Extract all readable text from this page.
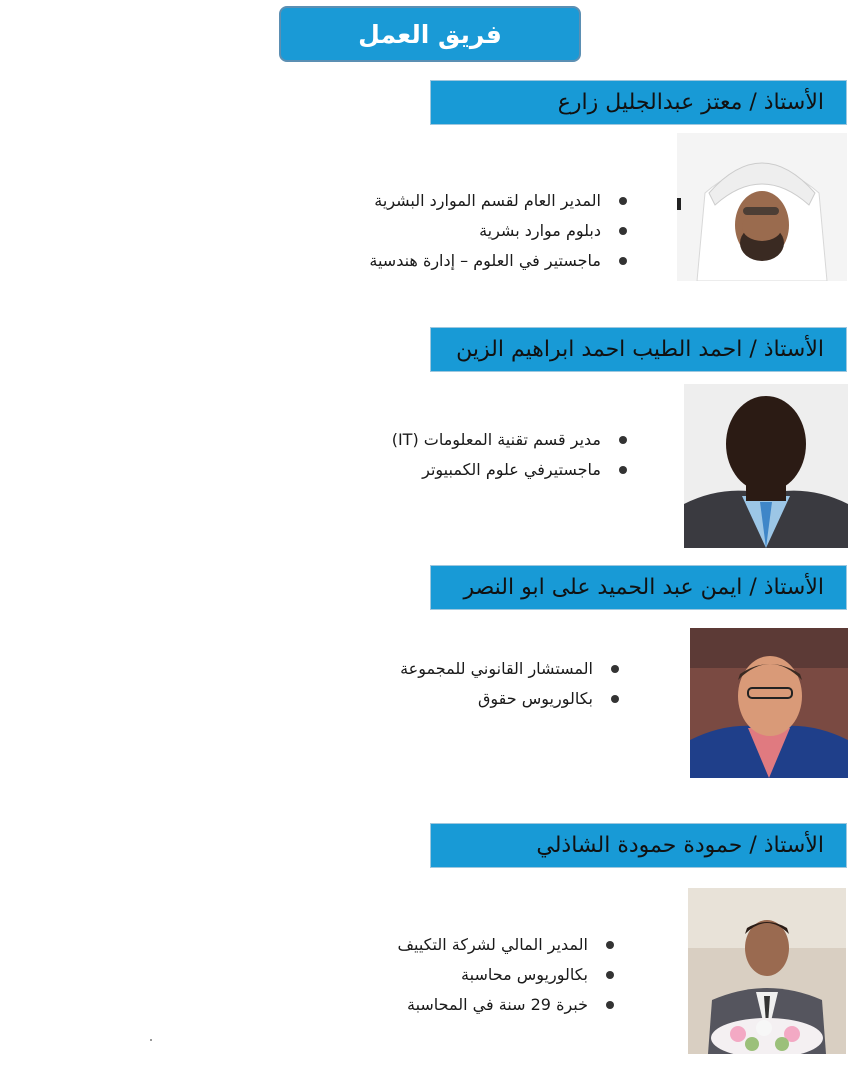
فريق العمل
الأستاذ / معتز عبدالجليل زارع
المدير العام لقسم الموارد البشرية
دبلوم موارد بشرية
ماجستير في العلوم – إدارة هندسية
الأستاذ / احمد الطيب احمد ابراهيم الزين
مدير قسم تقنية المعلومات (IT)
ماجستيرفي علوم الكمبيوتر
الأستاذ / ايمن عبد الحميد على ابو النصر
المستشار القانوني للمجموعة
بكالوريوس حقوق
الأستاذ / حمودة حمودة الشاذلي
المدير المالي لشركة التكييف
بكالوريوس محاسبة
خبرة 29 سنة في المحاسبة
